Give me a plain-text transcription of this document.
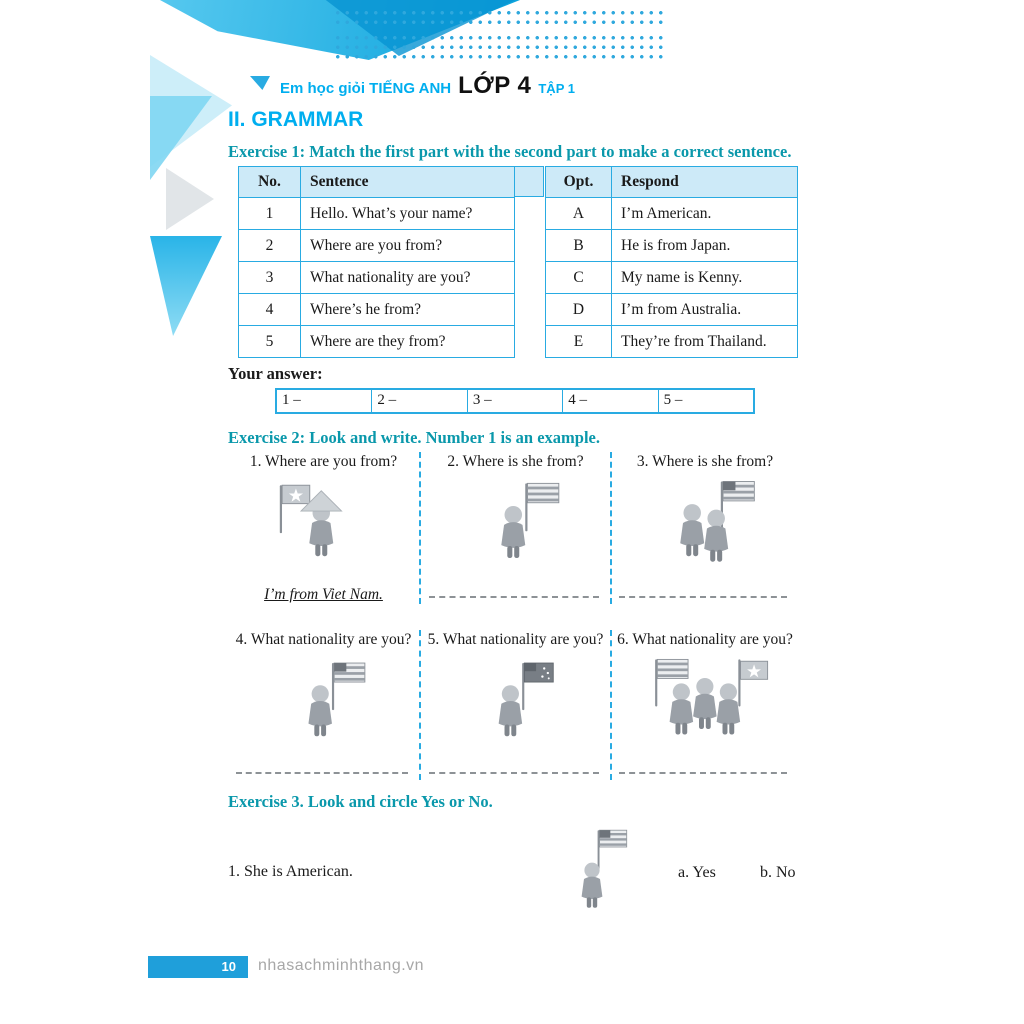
Em học giỏi TIẾNG ANH LỚP 4 TẬP 1
II. GRAMMAR
Exercise 1: Match the first part with the second part to make a correct sentence.
No.	Sentence
1	Hello. What’s your name?
2	Where are you from?
3	What nationality are you?
4	Where’s he from?
5	Where are they from?
Opt.	Respond
A	I’m American.
B	He is from Japan.
C	My name is Kenny.
D	I’m from Australia.
E	They’re from Thailand.
Your answer:
1 –	2 –	3 –	4 –	5 –
Exercise 2: Look and write. Number 1 is an example.
1. Where are you from?
I’m from Viet Nam.
2. Where is she from?	3. Where is she from?
4. What nationality are you? 5. What nationality are you? 6. What nationality are you?
Exercise 3. Look and circle Yes or No.
1. She is American.	a. Yes	b. No
10	nhasachminhthang.vn
